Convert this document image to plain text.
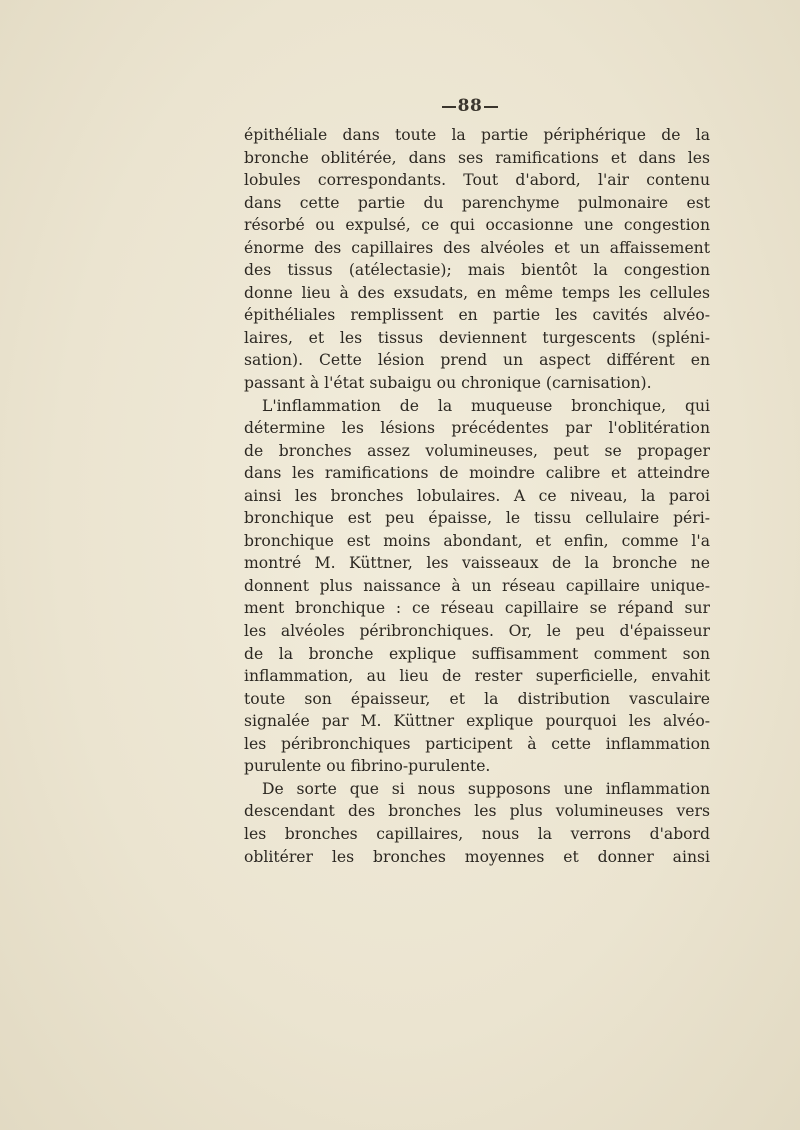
88
épithéliale dans toute la partie périphérique de la
bronche oblitérée, dans ses ramifications et dans les
lobules correspondants. Tout d'abord, l'air contenu
dans cette partie du parenchyme pulmonaire est
résorbé ou expulsé, ce qui occasionne une congestion
énorme des capillaires des alvéoles et un affaissement
des tissus (atélectasie); mais bientôt la congestion
donne lieu à des exsudats, en même temps les cellules
épithéliales remplissent en partie les cavités alvéo-
laires, et les tissus deviennent turgescents (spléni-
sation). Cette lésion prend un aspect différent en
passant à l'état subaigu ou chronique (carnisation).
L'inflammation de la muqueuse bronchique, qui
détermine les lésions précédentes par l'oblitération
de bronches assez volumineuses, peut se propager
dans les ramifications de moindre calibre et atteindre
ainsi les bronches lobulaires. A ce niveau, la paroi
bronchique est peu épaisse, le tissu cellulaire péri-
bronchique est moins abondant, et enfin, comme l'a
montré M. Küttner, les vaisseaux de la bronche ne
donnent plus naissance à un réseau capillaire unique-
ment bronchique : ce réseau capillaire se répand sur
les alvéoles péribronchiques. Or, le peu d'épaisseur
de la bronche explique suffisamment comment son
inflammation, au lieu de rester superficielle, envahit
toute son épaisseur, et la distribution vasculaire
signalée par M. Küttner explique pourquoi les alvéo-
les péribronchiques participent à cette inflammation
purulente ou fibrino-purulente.
De sorte que si nous supposons une inflammation
descendant des bronches les plus volumineuses vers
les bronches capillaires, nous la verrons d'abord
oblitérer les bronches moyennes et donner ainsi
